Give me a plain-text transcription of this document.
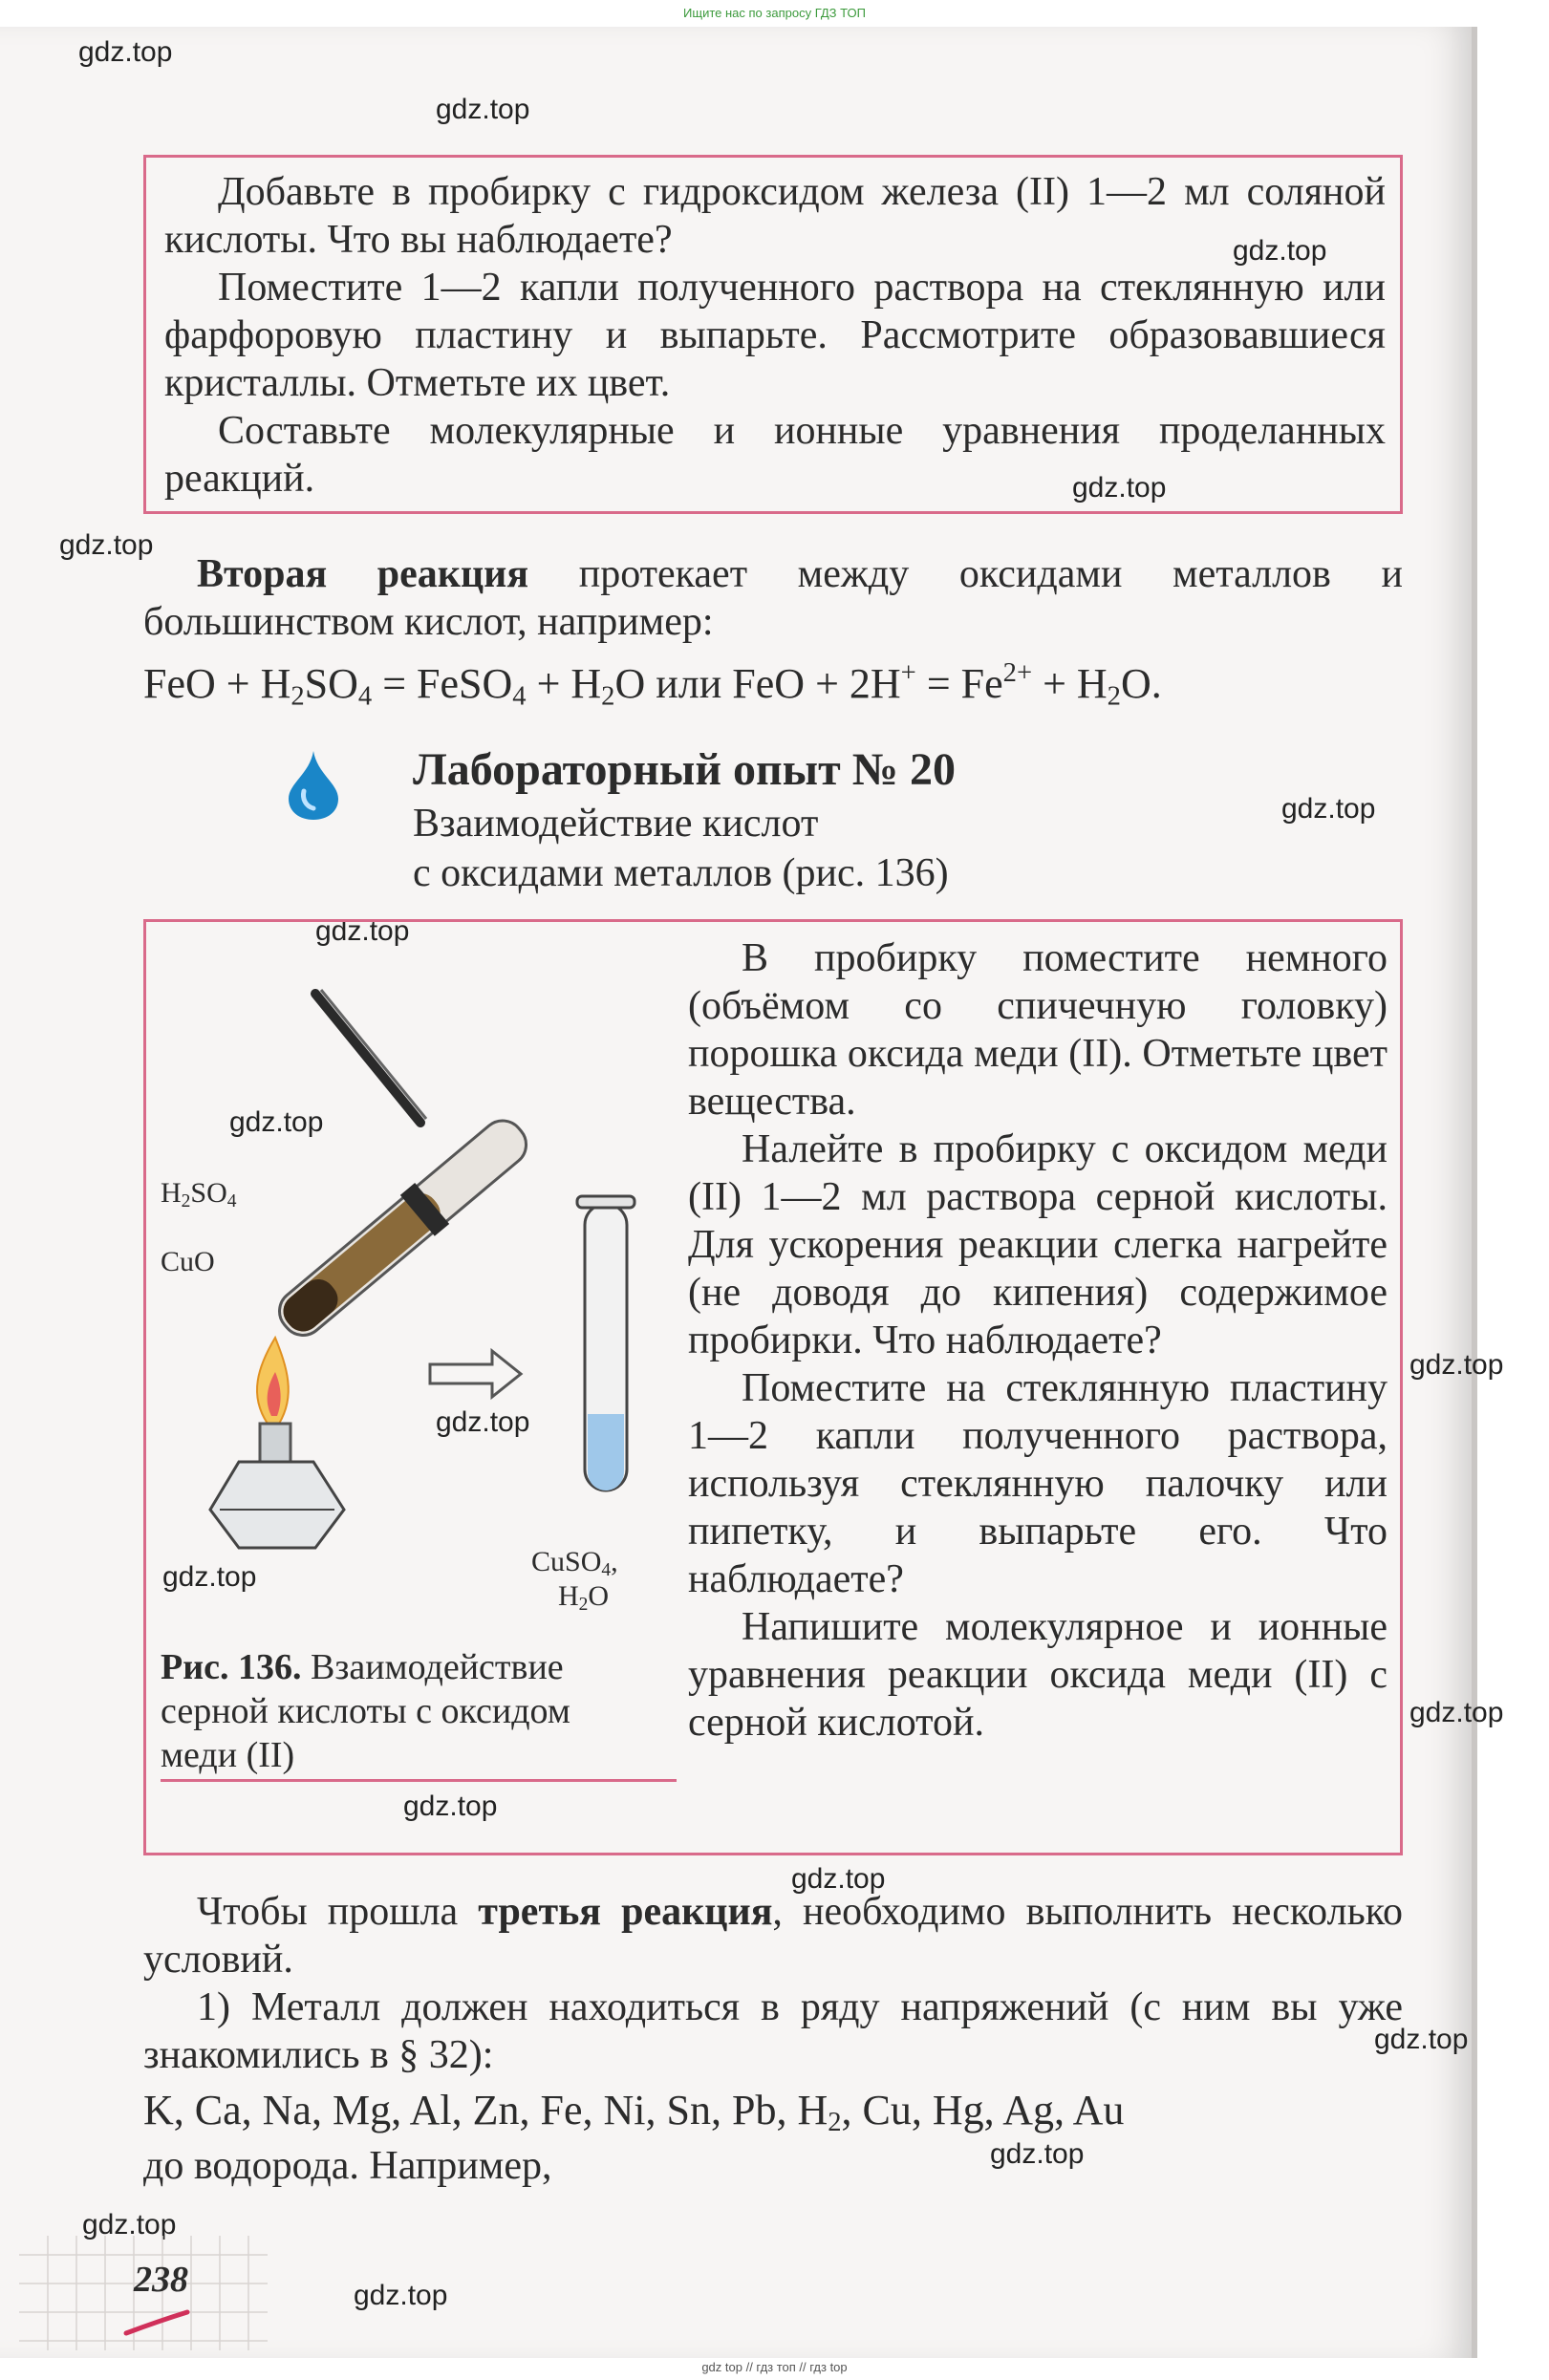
Ищите нас по запросу ГДЗ ТОП
gdz.top
gdz.top
gdz.top
gdz.top
gdz.top
gdz.top
gdz.top
gdz.top
gdz.top
gdz.top
gdz.top
gdz.top
gdz.top
gdz.top
gdz.top
gdz.top
gdz.top
gdz.top

Добавьте в пробирку с гидроксидом железа (II) 1—2 мл соляной кислоты. Что вы наблюдаете?

Поместите 1—2 капли полученного раствора на стеклянную или фарфоровую пластину и выпарьте. Рассмотрите образовавшиеся кристаллы. Отметьте их цвет.

Составьте молекулярные и ионные уравнения проделанных реакций.

Вторая реакция протекает между оксидами металлов и большинством кислот, например:

FeO + $H_2SO_4$ = FeSO$_4$ + $H_2O$ или FeO + $2H^+ = Fe^{2+} + H_2O$.
Лабораторный опыт № 20
Взаимодействие кислот
с оксидами металлов (рис. 136)
$H_2SO_4$
CuO
CuSO$_4$,
$H_2O$
Рис. 136. Взаимодействие серной кислоты с оксидом меди (II)

В пробирку поместите немного (объёмом со спичечную головку) порошка оксида меди (II). Отметьте цвет вещества.

Налейте в пробирку с оксидом меди (II) 1—2 мл раствора серной кислоты. Для ускорения реакции слегка нагрейте (не доводя до кипения) содержимое пробирки. Что наблюдаете?

Поместите на стеклянную пластину 1—2 капли полученного раствора, используя стеклянную палочку или пипетку, и выпарьте его. Что наблюдаете?

Напишите молекулярное и ионные уравнения реакции оксида меди (II) с серной кислотой.

Чтобы прошла третья реакция, необходимо выполнить несколько условий.

1) Металл должен находиться в ряду напряжений (с ним вы уже знакомились в § 32):

K, Ca, Na, Mg, Al, Zn, Fe, Ni, Sn, Pb, $H_2$, Cu, Hg, Ag, Au
до водорода. Например,
238
gdz top // гдз топ // гдз top
